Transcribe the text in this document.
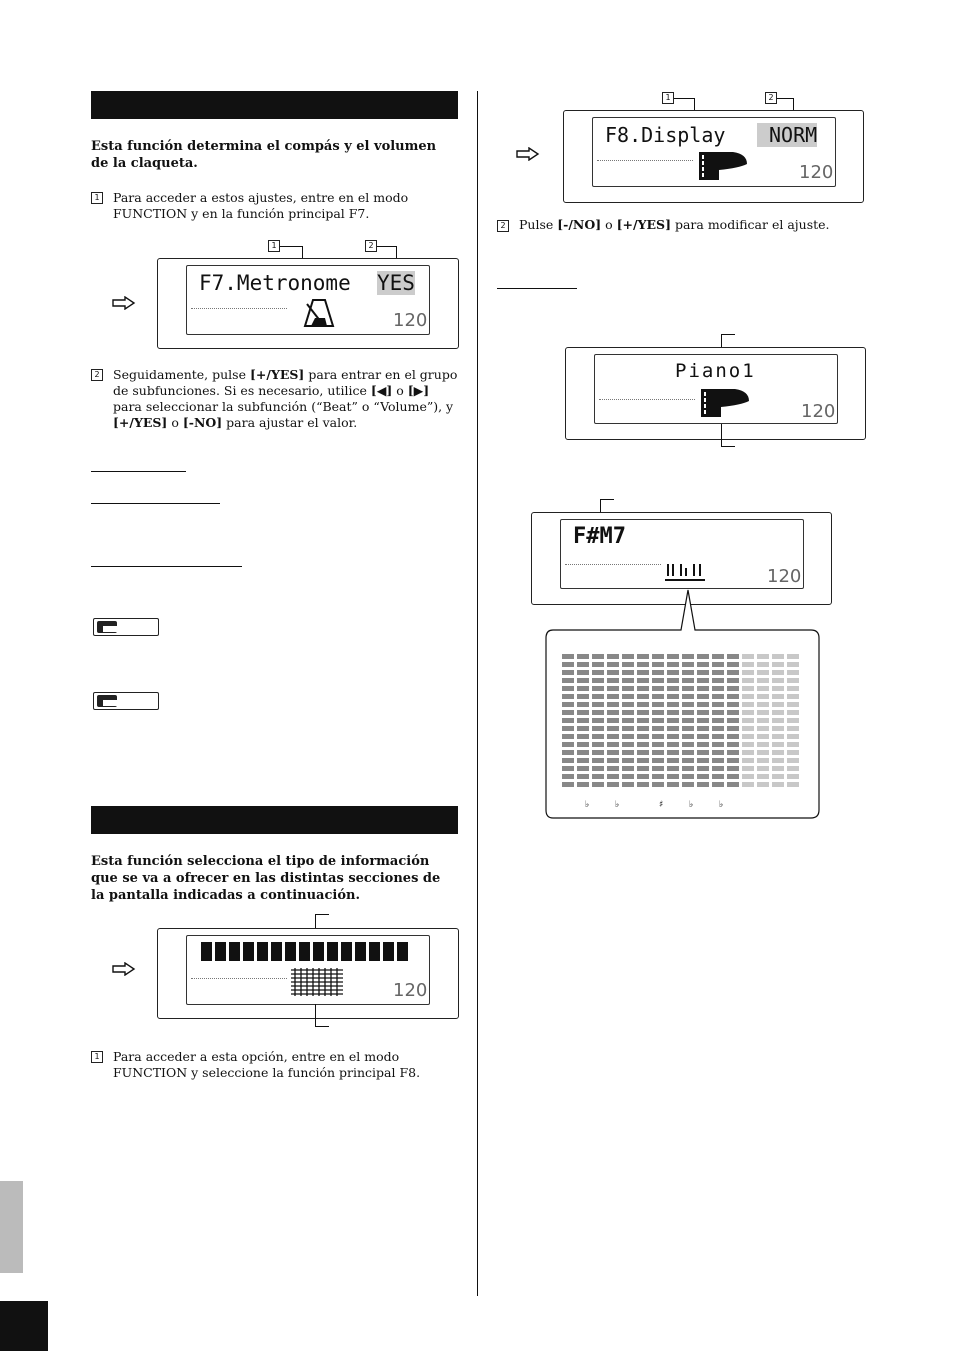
Esta función determina el compás y el volumen de la claqueta.
1 Para acceder a estos ajustes, entre en el modo FUNCTION y en la función principal F7.
1	2
F7.Metronome YES
120
2 Seguidamente, pulse [+/YES] para entrar en el grupo de subfunciones. Si es necesario, utilice [◀] o [▶] para seleccionar la subfunción (“Beat” o “Volume”), y [+/YES] o [-NO] para ajustar el valor.
Esta función selecciona el tipo de información que se va a ofrecer en las distintas secciones de la pantalla indicadas a continuación.
120
1 Para acceder a esta opción, entre en el modo FUNCTION y seleccione la función principal F8.
1	2
F8.Display	NORM
120
2 Pulse [-/NO] o [+/YES] para modificar el ajuste.
Piano1
120
F#M7
120
♭	♭	♯	♭	♭
